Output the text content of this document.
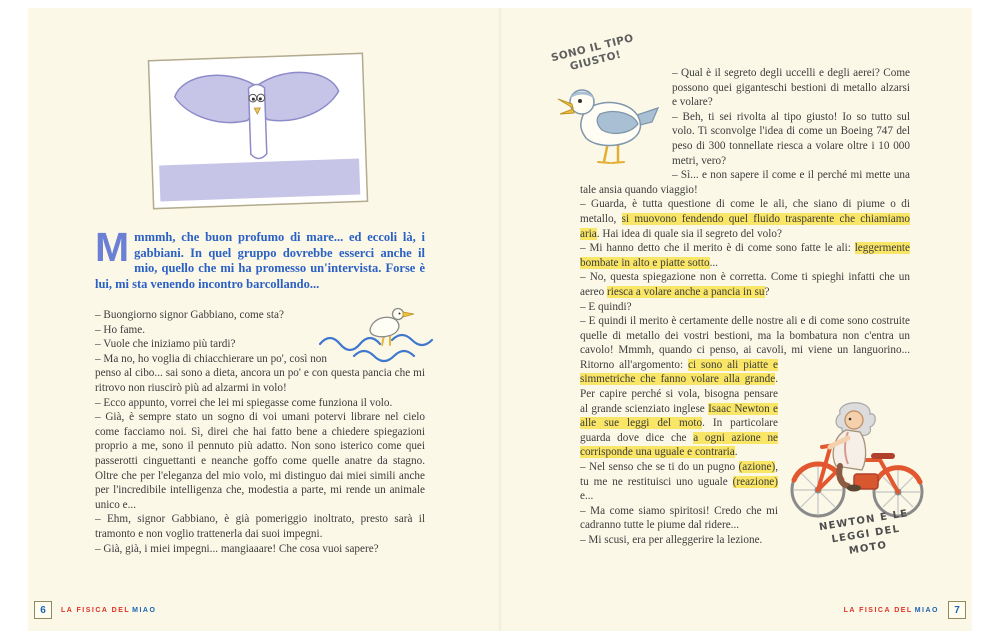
Mmmmh, che buon profumo di mare... ed eccoli là, i gabbiani. In quel gruppo dovrebbe esserci anche il mio, quello che mi ha promesso un'intervista. Forse è lui, mi sta venendo incontro barcollando...

– Buongiorno signor Gabbiano, come sta?

– Ho fame.

– Vuole che iniziamo più tardi?

– Ma no, ho voglia di chiacchierare un po', così non penso al cibo... sai sono a dieta, ancora un po' e con questa pancia che mi ritrovo non riuscirò più ad alzarmi in volo!

– Ecco appunto, vorrei che lei mi spiegasse come funziona il volo.

– Già, è sempre stato un sogno di voi umani potervi librare nel cielo come facciamo noi. Sì, direi che hai fatto bene a chiedere spiegazioni proprio a me, sono il pennuto più adatto. Non sono isterico come quei passerotti cinguettanti e neanche goffo come quelle anatre da stagno. Oltre che per l'eleganza del mio volo, mi distinguo dai miei simili anche per l'incredibile intelligenza che, modestia a parte, mi rende un animale unico e...

– Ehm, signor Gabbiano, è già pomeriggio inoltrato, presto sarà il tramonto e non voglio trattenerla dai suoi impegni.

– Già, già, i miei impegni... mangiaaare! Che cosa vuoi sapere?

6	LA FISICA DEL MIAO
SONO IL TIPO GIUSTO!

– Qual è il segreto degli uccelli e degli aerei? Come possono quei giganteschi bestioni di metallo alzarsi e volare?

– Beh, ti sei rivolta al tipo giusto! Io so tutto sul volo. Ti sconvolge l'idea di come un Boeing 747 del peso di 300 tonnellate riesca a volare oltre i 10 000 metri, vero?

– Sì... e non sapere il come e il perché mi mette una tale ansia quando viaggio!

– Guarda, è tutta questione di come le ali, che siano di piume o di metallo, si muovono fendendo quel fluido trasparente che chiamiamo aria. Hai idea di quale sia il segreto del volo?

– Mi hanno detto che il merito è di come sono fatte le ali: leggermente bombate in alto e piatte sotto...

– No, questa spiegazione non è corretta. Come ti spieghi infatti che un aereo riesca a volare anche a pancia in su?

– E quindi?

– E quindi il merito è certamente delle nostre ali e di come sono costruite quelle di metallo dei vostri bestioni, ma la bombatura non c'entra un cavolo! Mmmh, quando ci penso, ai cavoli, mi viene un languorino... Ritorno all'argomento: ci sono ali piatte e simmetriche che fanno volare alla grande. Per capire perché si vola, bisogna pensare al grande scienziato inglese Isaac Newton e alle sue leggi del moto. In particolare guarda dove dice che a ogni azione ne corrisponde una uguale e contraria.

– Nel senso che se ti do un pugno (azione), tu me ne restituisci uno uguale (reazione) e...

– Ma come siamo spiritosi! Credo che mi cadranno tutte le piume dal ridere...

– Mi scusi, era per alleggerire la lezione.

NEWTON E LE LEGGI DEL MOTO
LA FISICA DEL MIAO	7
